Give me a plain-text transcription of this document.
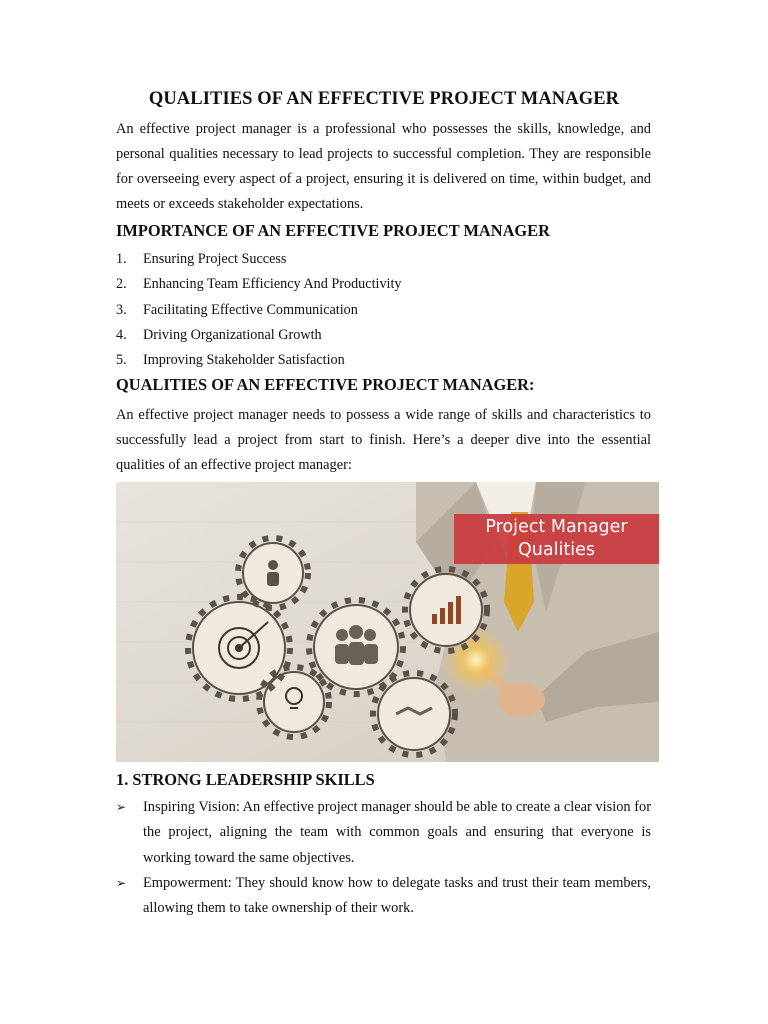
QUALITIES OF AN EFFECTIVE PROJECT MANAGER

An effective project manager is a professional who possesses the skills, knowledge, and personal qualities necessary to lead projects to successful completion. They are responsible for overseeing every aspect of a project, ensuring it is delivered on time, within budget, and meets or exceeds stakeholder expectations.

IMPORTANCE OF AN EFFECTIVE PROJECT MANAGER
1. Ensuring Project Success
2. Enhancing Team Efficiency And Productivity
3. Facilitating Effective Communication
4. Driving Organizational Growth
5. Improving Stakeholder Satisfaction
QUALITIES OF AN EFFECTIVE PROJECT MANAGER:

An effective project manager needs to possess a wide range of skills and characteristics to successfully lead a project from start to finish. Here’s a deeper dive into the essential qualities of an effective project manager:

Project Manager
Qualities
1. STRONG LEADERSHIP SKILLS
➢ Inspiring Vision: An effective project manager should be able to create a clear vision for the project, aligning the team with common goals and ensuring that everyone is working toward the same objectives.
➢ Empowerment: They should know how to delegate tasks and trust their team members, allowing them to take ownership of their work.
